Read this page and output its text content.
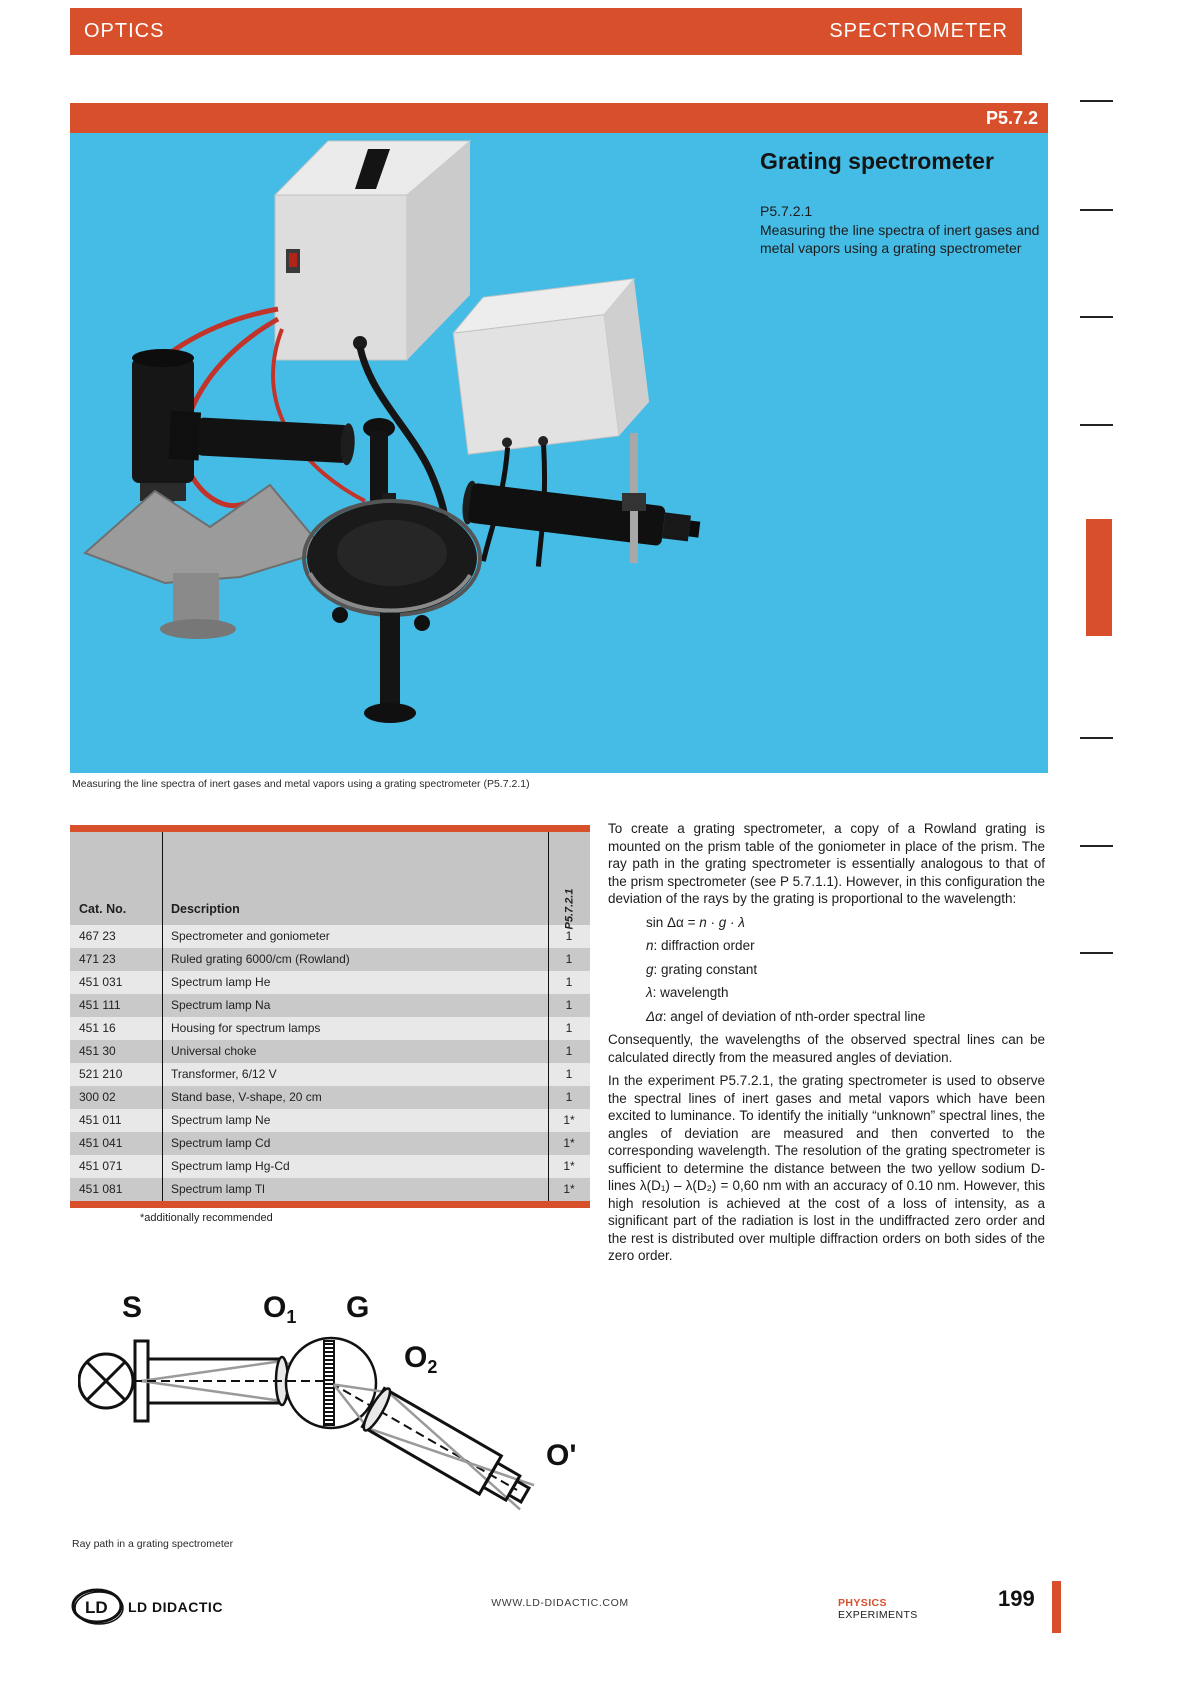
OPTICS	SPECTROMETER
P5.7.2

Grating spectrometer

P5.7.2.1

Measuring the line spectra of inert gases and metal vapors using a grating spectrometer

Measuring the line spectra of inert gases and metal vapors using a grating spectrometer (P5.7.2.1)
Cat. No.	Description	P5.7.2.1
467 23	Spectrometer and goniometer	1
471 23	Ruled grating 6000/cm (Rowland)	1
451 031	Spectrum lamp He	1
451 111	Spectrum lamp Na	1
451 16	Housing for spectrum lamps	1
451 30	Universal choke	1
521 210	Transformer, 6/12 V	1
300 02	Stand base, V-shape, 20 cm	1
451 011	Spectrum lamp Ne	1*
451 041	Spectrum lamp Cd	1*
451 071	Spectrum lamp Hg-Cd	1*
451 081	Spectrum lamp Tl	1*
*additionally recommended

To create a grating spectrometer, a copy of a Rowland grating is mounted on the prism table of the goniometer in place of the prism. The ray path in the grating spectrometer is essentially analogous to that of the prism spectrometer (see P 5.7.1.1). However, in this configuration the deviation of the rays by the grating is proportional to the wavelength:

sin Δα = n · g · λ

n: diffraction order

g: grating constant

λ: wavelength

Δα: angel of deviation of nth-order spectral line

Consequently, the wavelengths of the observed spectral lines can be calculated directly from the measured angles of deviation.

In the experiment P5.7.2.1, the grating spectrometer is used to observe the spectral lines of inert gases and metal vapors which have been excited to luminance. To identify the initially “unknown” spectral lines, the angles of deviation are measured and then converted to the corresponding wavelength. The resolution of the grating spectrometer is sufficient to determine the distance between the two yellow sodium D-lines λ(D₁) – λ(D₂) = 0,60 nm with an accuracy of 0.10 nm. However, this high resolution is achieved at the cost of a loss of intensity, as a significant part of the radiation is lost in the undiffracted zero order and the rest is distributed over multiple diffraction orders on both sides of the zero order.

S	$O_1$ G
$O_2$
O'
Ray path in a grating spectrometer
LD LD DIDACTIC	WWW.LD-DIDACTIC.COM	PHYSICS EXPERIMENTS
199
